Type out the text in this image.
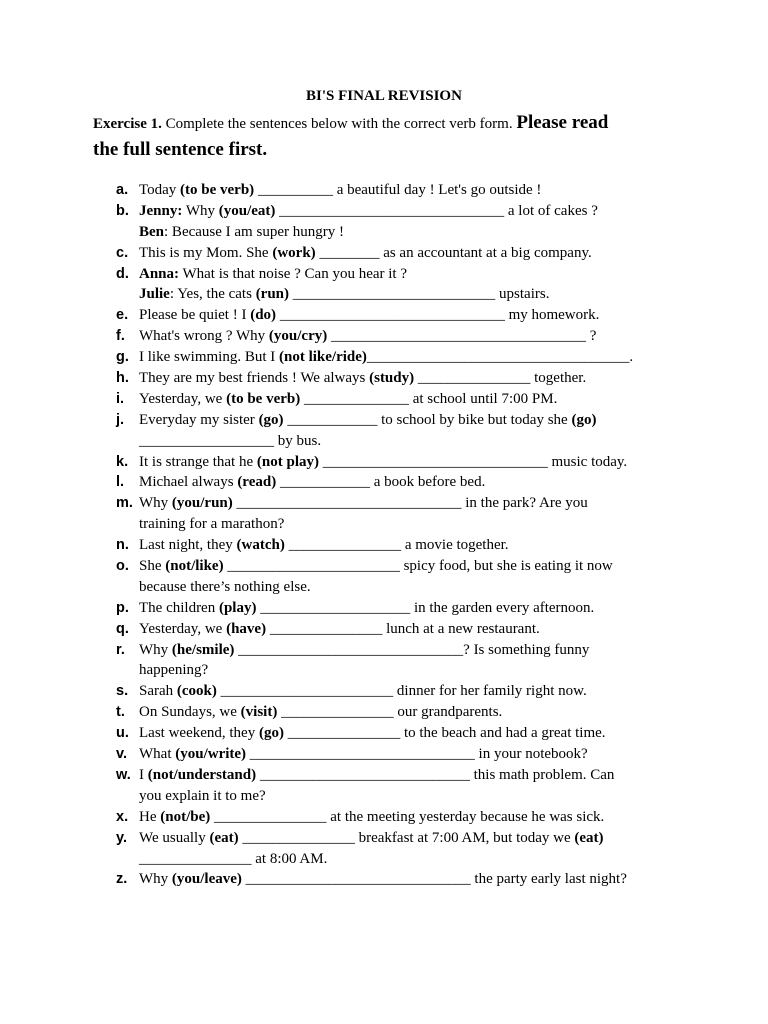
BI'S FINAL REVISION
Exercise 1. Complete the sentences below with the correct verb form. Please read
the full sentence first.
a. Today (to be verb) __________ a beautiful day ! Let's go outside !
b. Jenny: Why (you/eat) ______________________________ a lot of cakes ?
Ben: Because I am super hungry !
c. This is my Mom. She (work) ________ as an accountant at a big company.
d. Anna: What is that noise ? Can you hear it ?
Julie: Yes, the cats (run) ___________________________ upstairs.
e. Please be quiet ! I (do) ______________________________ my homework.
f. What's wrong ? Why (you/cry) __________________________________ ?
g. I like swimming. But I (not like/ride)___________________________________.
h. They are my best friends ! We always (study) _______________ together.
i. Yesterday, we (to be verb) ______________ at school until 7:00 PM.
j. Everyday my sister (go) ____________ to school by bike but today she (go)
__________________ by bus.
k. It is strange that he (not play) ______________________________ music today.
l. Michael always (read) ____________ a book before bed.
m. Why (you/run) ______________________________ in the park? Are you
training for a marathon?
n. Last night, they (watch) _______________ a movie together.
o. She (not/like) _______________________ spicy food, but she is eating it now
because there’s nothing else.
p. The children (play) ____________________ in the garden every afternoon.
q. Yesterday, we (have) _______________ lunch at a new restaurant.
r. Why (he/smile) ______________________________? Is something funny
happening?
s. Sarah (cook) _______________________ dinner for her family right now.
t. On Sundays, we (visit) _______________ our grandparents.
u. Last weekend, they (go) _______________ to the beach and had a great time.
v. What (you/write) ______________________________ in your notebook?
w. I (not/understand) ____________________________ this math problem. Can
you explain it to me?
x. He (not/be) _______________ at the meeting yesterday because he was sick.
y. We usually (eat) _______________ breakfast at 7:00 AM, but today we (eat)
_______________ at 8:00 AM.
z. Why (you/leave) ______________________________ the party early last night?
